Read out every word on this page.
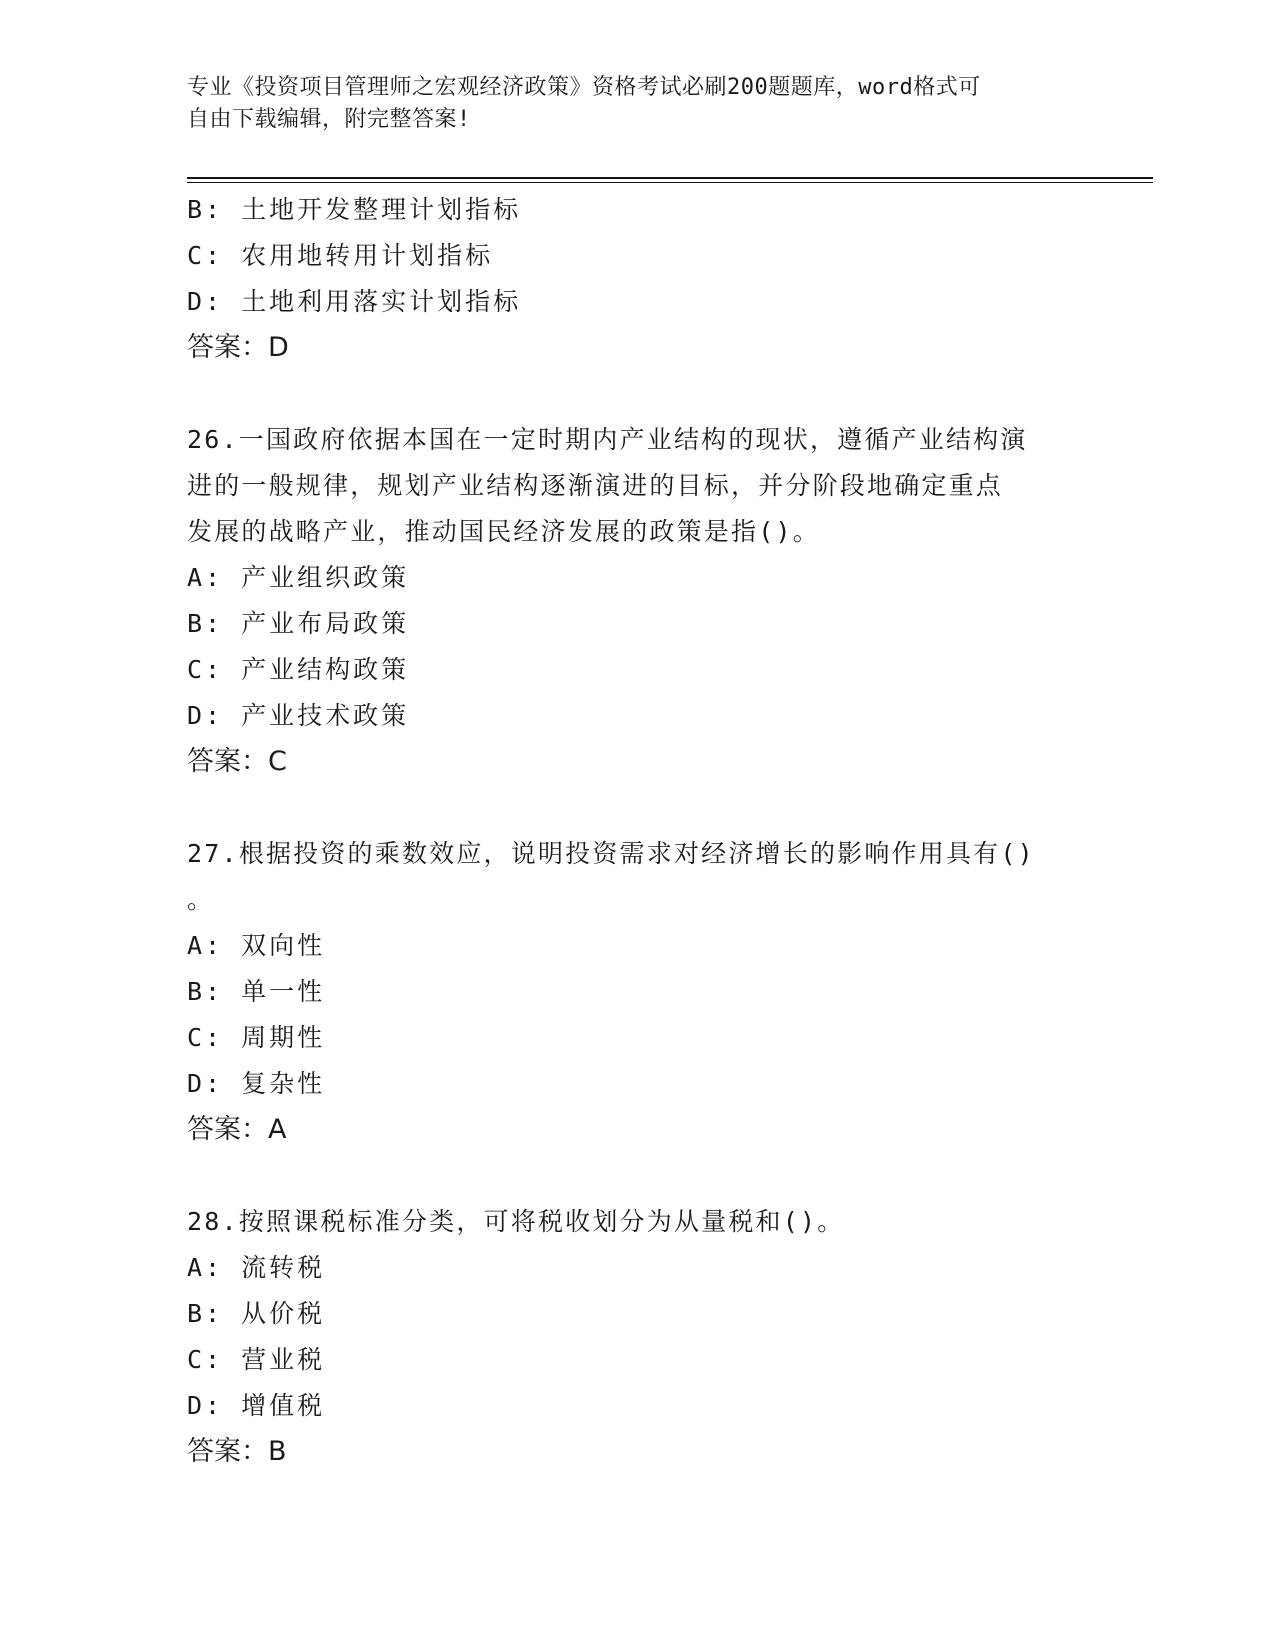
专业《投资项目管理师之宏观经济政策》资格考试必刷200题题库，word格式可
自由下载编辑，附完整答案!
B: 土地开发整理计划指标
C: 农用地转用计划指标
D: 土地利用落实计划指标
答案：D
26.一国政府依据本国在一定时期内产业结构的现状，遵循产业结构演
进的一般规律，规划产业结构逐渐演进的目标，并分阶段地确定重点
发展的战略产业，推动国民经济发展的政策是指()。
A: 产业组织政策
B: 产业布局政策
C: 产业结构政策
D: 产业技术政策
答案：C
27.根据投资的乘数效应，说明投资需求对经济增长的影响作用具有()
。
A: 双向性
B: 单一性
C: 周期性
D: 复杂性
答案：A
28.按照课税标准分类，可将税收划分为从量税和()。
A: 流转税
B: 从价税
C: 营业税
D: 增值税
答案：B
